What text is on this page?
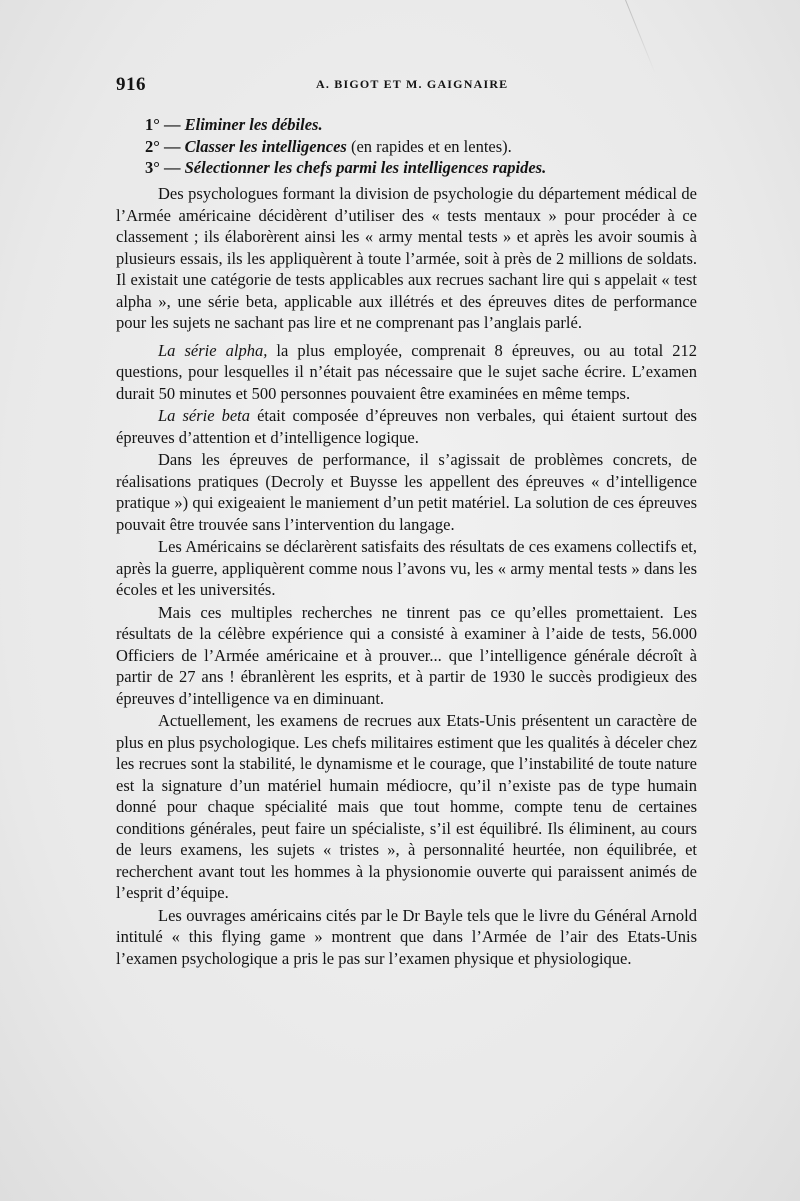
916	A. BIGOT ET M. GAIGNAIRE
1° — Eliminer les débiles.
2° — Classer les intelligences (en rapides et en lentes).
3° — Sélectionner les chefs parmi les intelligences rapides.

Des psychologues formant la division de psychologie du département médical de l’Armée américaine décidèrent d’utiliser des « tests mentaux » pour procéder à ce classement ; ils élaborèrent ainsi les « army mental tests » et après les avoir soumis à plusieurs essais, ils les appliquèrent à toute l’armée, soit à près de 2 millions de soldats. Il existait une catégorie de tests applicables aux recrues sachant lire qui s appelait « test alpha », une série beta, applicable aux illétrés et des épreuves dites de performance pour les sujets ne sachant pas lire et ne comprenant pas l’anglais parlé.

La série alpha, la plus employée, comprenait 8 épreuves, ou au total 212 questions, pour lesquelles il n’était pas nécessaire que le sujet sache écrire. L’examen durait 50 minutes et 500 personnes pouvaient être examinées en même temps.

La série beta était composée d’épreuves non verbales, qui étaient surtout des épreuves d’attention et d’intelligence logique.

Dans les épreuves de performance, il s’agissait de problèmes concrets, de réalisations pratiques (Decroly et Buysse les appellent des épreuves « d’intelligence pratique ») qui exigeaient le maniement d’un petit matériel. La solution de ces épreuves pouvait être trouvée sans l’intervention du langage.

Les Américains se déclarèrent satisfaits des résultats de ces examens collectifs et, après la guerre, appliquèrent comme nous l’avons vu, les « army mental tests » dans les écoles et les universités.

Mais ces multiples recherches ne tinrent pas ce qu’elles promettaient. Les résultats de la célèbre expérience qui a consisté à examiner à l’aide de tests, 56.000 Officiers de l’Armée américaine et à prouver... que l’intelligence générale décroît à partir de 27 ans ! ébranlèrent les esprits, et à partir de 1930 le succès prodigieux des épreuves d’intelligence va en diminuant.

Actuellement, les examens de recrues aux Etats-Unis présentent un caractère de plus en plus psychologique. Les chefs militaires estiment que les qualités à déceler chez les recrues sont la stabilité, le dynamisme et le courage, que l’instabilité de toute nature est la signature d’un matériel humain médiocre, qu’il n’existe pas de type humain donné pour chaque spécialité mais que tout homme, compte tenu de certaines conditions générales, peut faire un spécialiste, s’il est équilibré. Ils éliminent, au cours de leurs examens, les sujets « tristes », à personnalité heurtée, non équilibrée, et recherchent avant tout les hommes à la physionomie ouverte qui paraissent animés de l’esprit d’équipe.

Les ouvrages américains cités par le Dr Bayle tels que le livre du Général Arnold intitulé « this flying game » montrent que dans l’Armée de l’air des Etats-Unis l’examen psychologique a pris le pas sur l’examen physique et physiologique.
